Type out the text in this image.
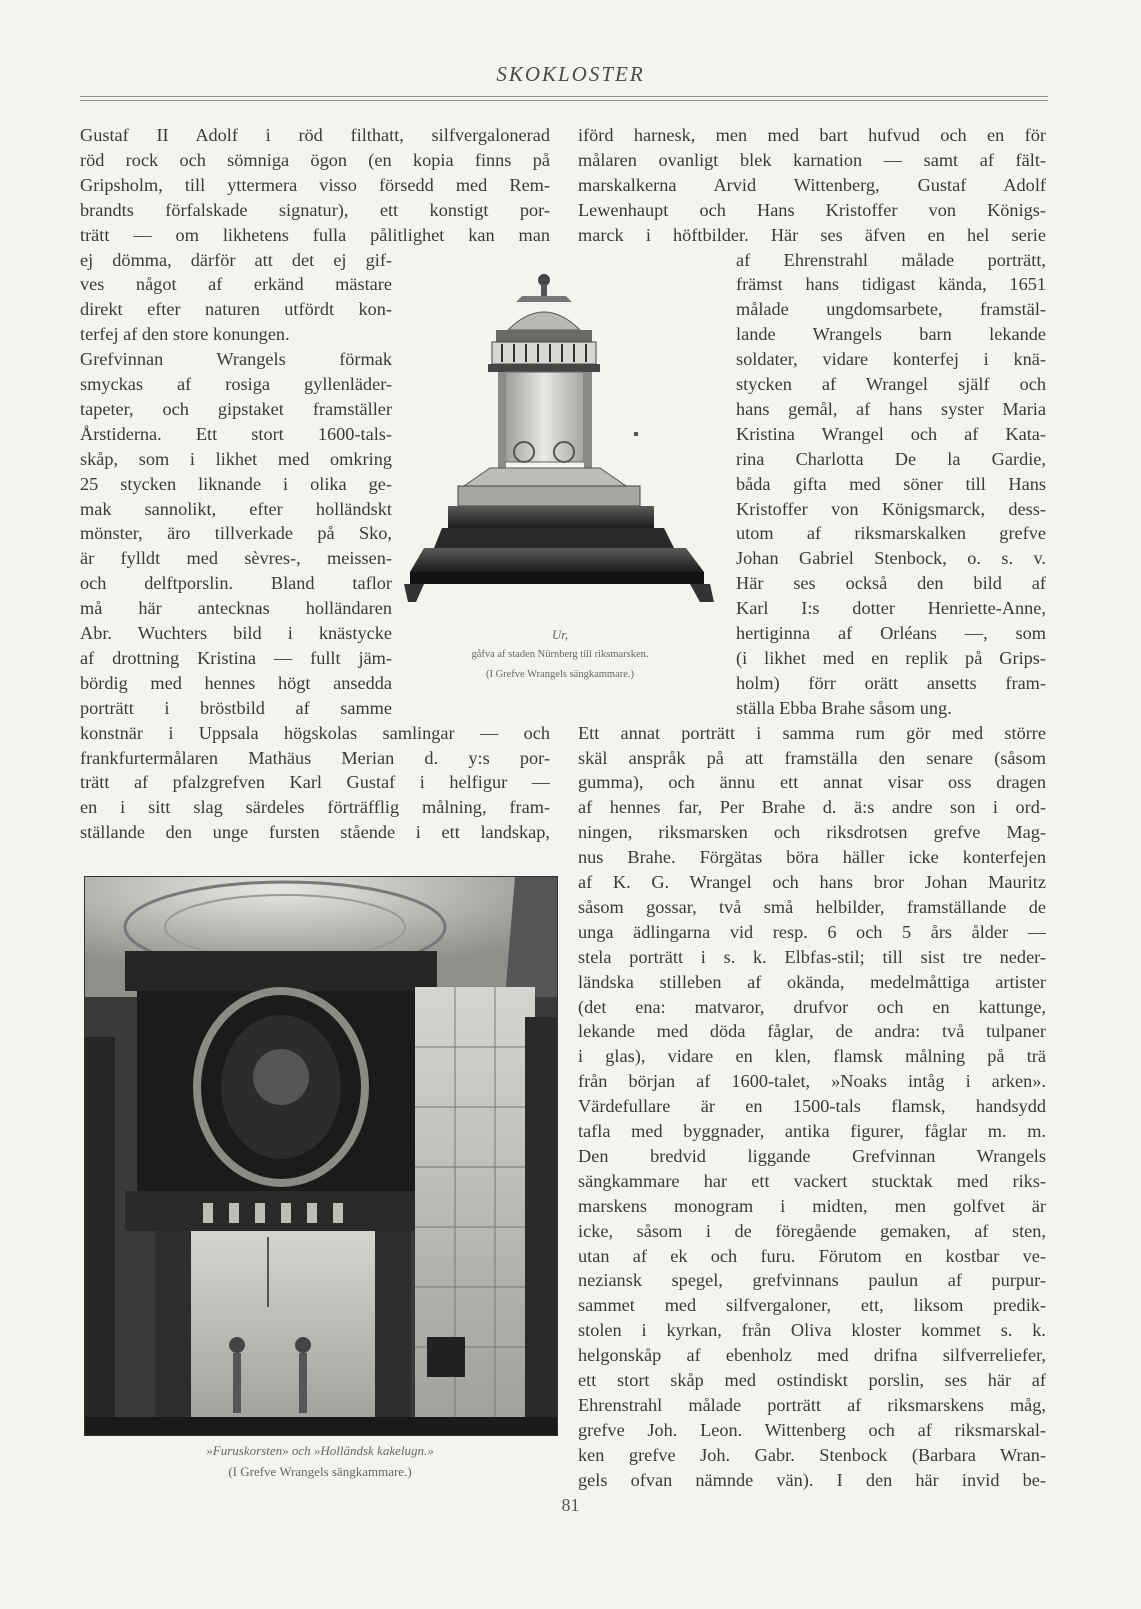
SKOKLOSTER

Gustaf II Adolf i röd filthatt, silfvergalonerad

röd rock och sömniga ögon (en kopia finns på

Gripsholm, till yttermera visso försedd med Rem-

brandts förfalskade signatur), ett konstigt por-

trätt — om likhetens fulla pålitlighet kan man

ej dömma, därför att det ej gif-

ves något af erkänd mästare

direkt efter naturen utfördt kon-

terfej af den store konungen.

Grefvinnan Wrangels förmak

smyckas af rosiga gyllenläder-

tapeter, och gipstaket framställer

Årstiderna. Ett stort 1600-tals-

skåp, som i likhet med omkring

25 stycken liknande i olika ge-

mak sannolikt, efter holländskt

mönster, äro tillverkade på Sko,

är fylldt med sèvres-, meissen-

och delftporslin. Bland taflor

må här antecknas holländaren

Abr. Wuchters bild i knästycke

af drottning Kristina — fullt jäm-

bördig med hennes högt ansedda

porträtt i bröstbild af samme

konstnär i Uppsala högskolas samlingar — och

frankfurtermålaren Mathäus Merian d. y:s por-

trätt af pfalzgrefven Karl Gustaf i helfigur —

en i sitt slag särdeles förträfflig målning, fram-

ställande den unge fursten stående i ett landskap,

iförd harnesk, men med bart hufvud och en för

målaren ovanligt blek karnation — samt af fält-

marskalkerna Arvid Wittenberg, Gustaf Adolf

Lewenhaupt och Hans Kristoffer von Königs-

marck i höftbilder. Här ses äfven en hel serie

af Ehrenstrahl målade porträtt,

främst hans tidigast kända, 1651

målade ungdomsarbete, framstäl-

lande Wrangels barn lekande

soldater, vidare konterfej i knä-

stycken af Wrangel själf och

hans gemål, af hans syster Maria

Kristina Wrangel och af Kata-

rina Charlotta De la Gardie,

båda gifta med söner till Hans

Kristoffer von Königsmarck, dess-

utom af riksmarskalken grefve

Johan Gabriel Stenbock, o. s. v.

Här ses också den bild af

Karl I:s dotter Henriette-Anne,

hertiginna af Orléans —, som

(i likhet med en replik på Grips-

holm) förr orätt ansetts fram-

ställa Ebba Brahe såsom ung.

Ett annat porträtt i samma rum gör med större

skäl anspråk på att framställa den senare (såsom

gumma), och ännu ett annat visar oss dragen

af hennes far, Per Brahe d. ä:s andre son i ord-

ningen, riksmarsken och riksdrotsen grefve Mag-

nus Brahe. Förgätas böra häller icke konterfejen

af K. G. Wrangel och hans bror Johan Mauritz

såsom gossar, två små helbilder, framställande de

unga ädlingarna vid resp. 6 och 5 års ålder —

stela porträtt i s. k. Elbfas-stil; till sist tre neder-

ländska stilleben af okända, medelmåttiga artister

(det ena: matvaror, drufvor och en kattunge,

lekande med döda fåglar, de andra: två tulpaner

i glas), vidare en klen, flamsk målning på trä

från början af 1600-talet, »Noaks intåg i arken».

Värdefullare är en 1500-tals flamsk, handsydd

tafla med byggnader, antika figurer, fåglar m. m.

Den bredvid liggande Grefvinnan Wrangels

sängkammare har ett vackert stucktak med riks-

marskens monogram i midten, men golfvet är

icke, såsom i de föregående gemaken, af sten,

utan af ek och furu. Förutom en kostbar ve-

neziansk spegel, grefvinnans paulun af purpur-

sammet med silfvergaloner, ett, liksom predik-

stolen i kyrkan, från Oliva kloster kommet s. k.

helgonskåp af ebenholz med drifna silfverreliefer,

ett stort skåp med ostindiskt porslin, ses här af

Ehrenstrahl målade porträtt af riksmarskens måg,

grefve Joh. Leon. Wittenberg och af riksmarskal-

ken grefve Joh. Gabr. Stenbock (Barbara Wran-

gels ofvan nämnde vän). I den här invid be-

Ur,

gåfva af staden Nürnberg till riksmarsken.

(I Grefve Wrangels sängkammare.)

»Furuskorsten» och »Holländsk kakelugn.»

(I Grefve Wrangels sängkammare.)

81
